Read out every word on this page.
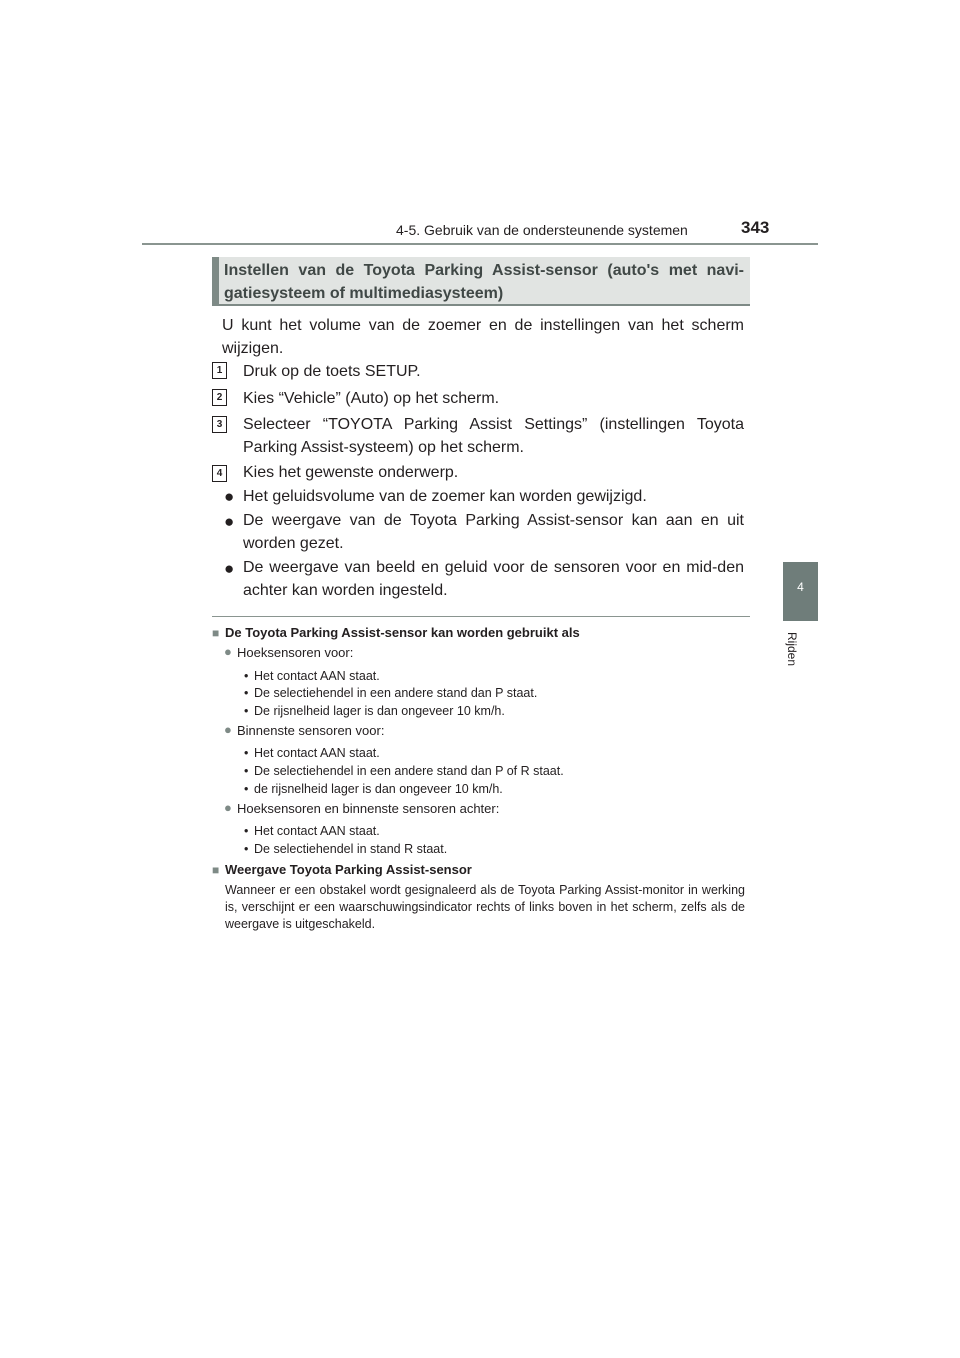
4-5. Gebruik van de ondersteunende systemen	343
4
Rijden
Instellen van de Toyota Parking Assist-sensor (auto's met navi-gatiesysteem of multimediasysteem)
U kunt het volume van de zoemer en de instellingen van het scherm wijzigen.
1 Druk op de toets SETUP.
2 Kies “Vehicle” (Auto) op het scherm.
3 Selecteer “TOYOTA Parking Assist Settings” (instellingen Toyota Parking Assist-systeem) op het scherm.
4 Kies het gewenste onderwerp.
● Het geluidsvolume van de zoemer kan worden gewijzigd.
● De weergave van de Toyota Parking Assist-sensor kan aan en uit worden gezet.
● De weergave van beeld en geluid voor de sensoren voor en mid-den achter kan worden ingesteld.
■ De Toyota Parking Assist-sensor kan worden gebruikt als
● Hoeksensoren voor:
• Het contact AAN staat.
• De selectiehendel in een andere stand dan P staat.
• De rijsnelheid lager is dan ongeveer 10 km/h.
● Binnenste sensoren voor:
• Het contact AAN staat.
• De selectiehendel in een andere stand dan P of R staat.
• de rijsnelheid lager is dan ongeveer 10 km/h.
● Hoeksensoren en binnenste sensoren achter:
• Het contact AAN staat.
• De selectiehendel in stand R staat.
■ Weergave Toyota Parking Assist-sensor
Wanneer er een obstakel wordt gesignaleerd als de Toyota Parking Assist-monitor in werking is, verschijnt er een waarschuwingsindicator rechts of links boven in het scherm, zelfs als de weergave is uitgeschakeld.
